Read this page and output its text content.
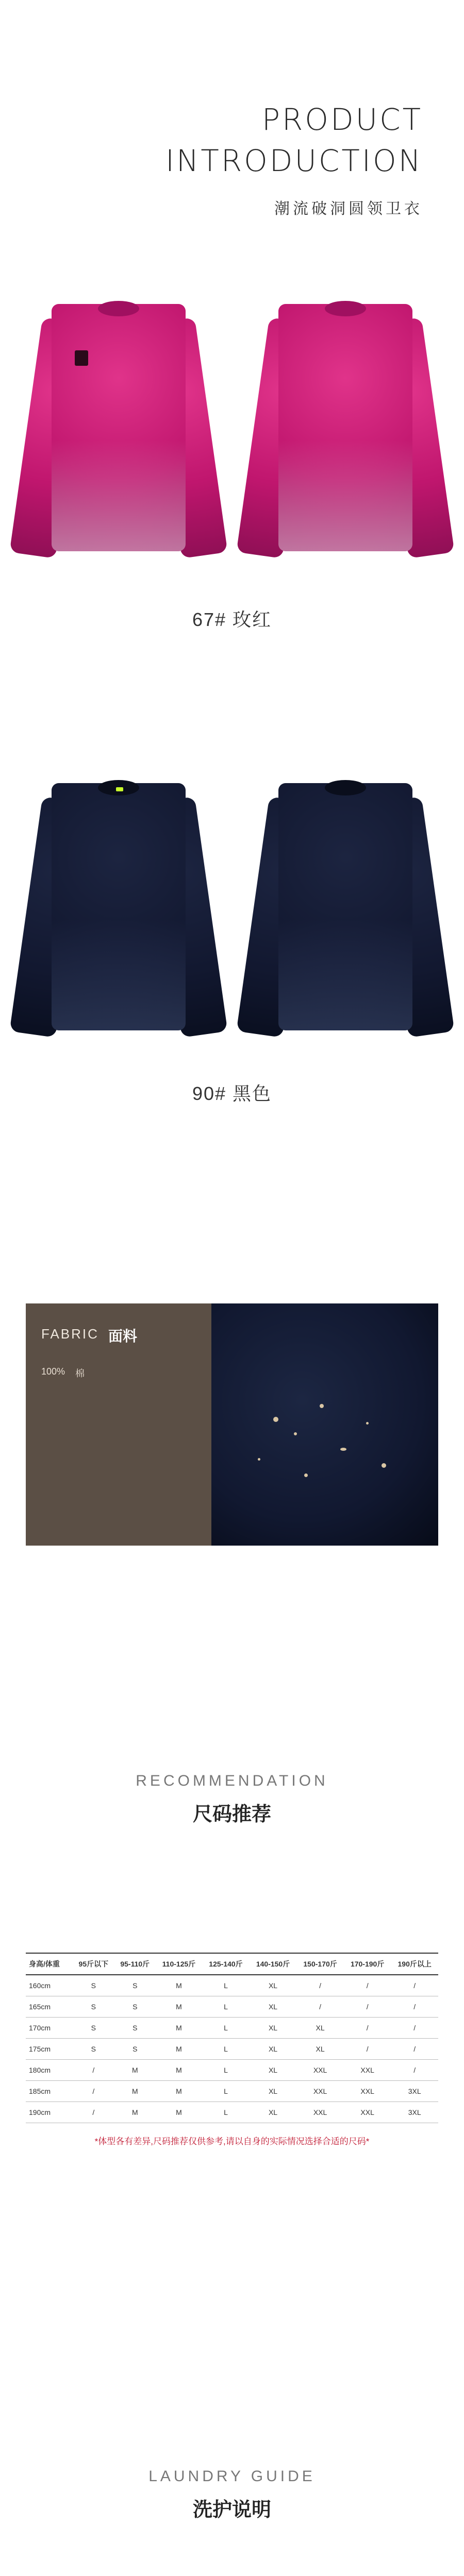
PRODUCT
INTRODUCTION
潮流破洞圆领卫衣
67# 玫红
90# 黑色
FABRIC 面料
100% 棉
RECOMMENDATION
尺码推荐
身高/体重	95斤以下	95-110斤	110-125斤	125-140斤	140-150斤	150-170斤	170-190斤	190斤以上
160cm	S	S	M	L	XL	/	/	/
165cm	S	S	M	L	XL	/	/	/
170cm	S	S	M	L	XL	XL	/	/
175cm	S	S	M	L	XL	XL	/	/
180cm	/	M	M	L	XL	XXL	XXL	/
185cm	/	M	M	L	XL	XXL	XXL	3XL
190cm	/	M	M	L	XL	XXL	XXL	3XL
*体型各有差异,尺码推荐仅供参考,请以自身的实际情况选择合适的尺码*
LAUNDRY GUIDE
洗护说明
